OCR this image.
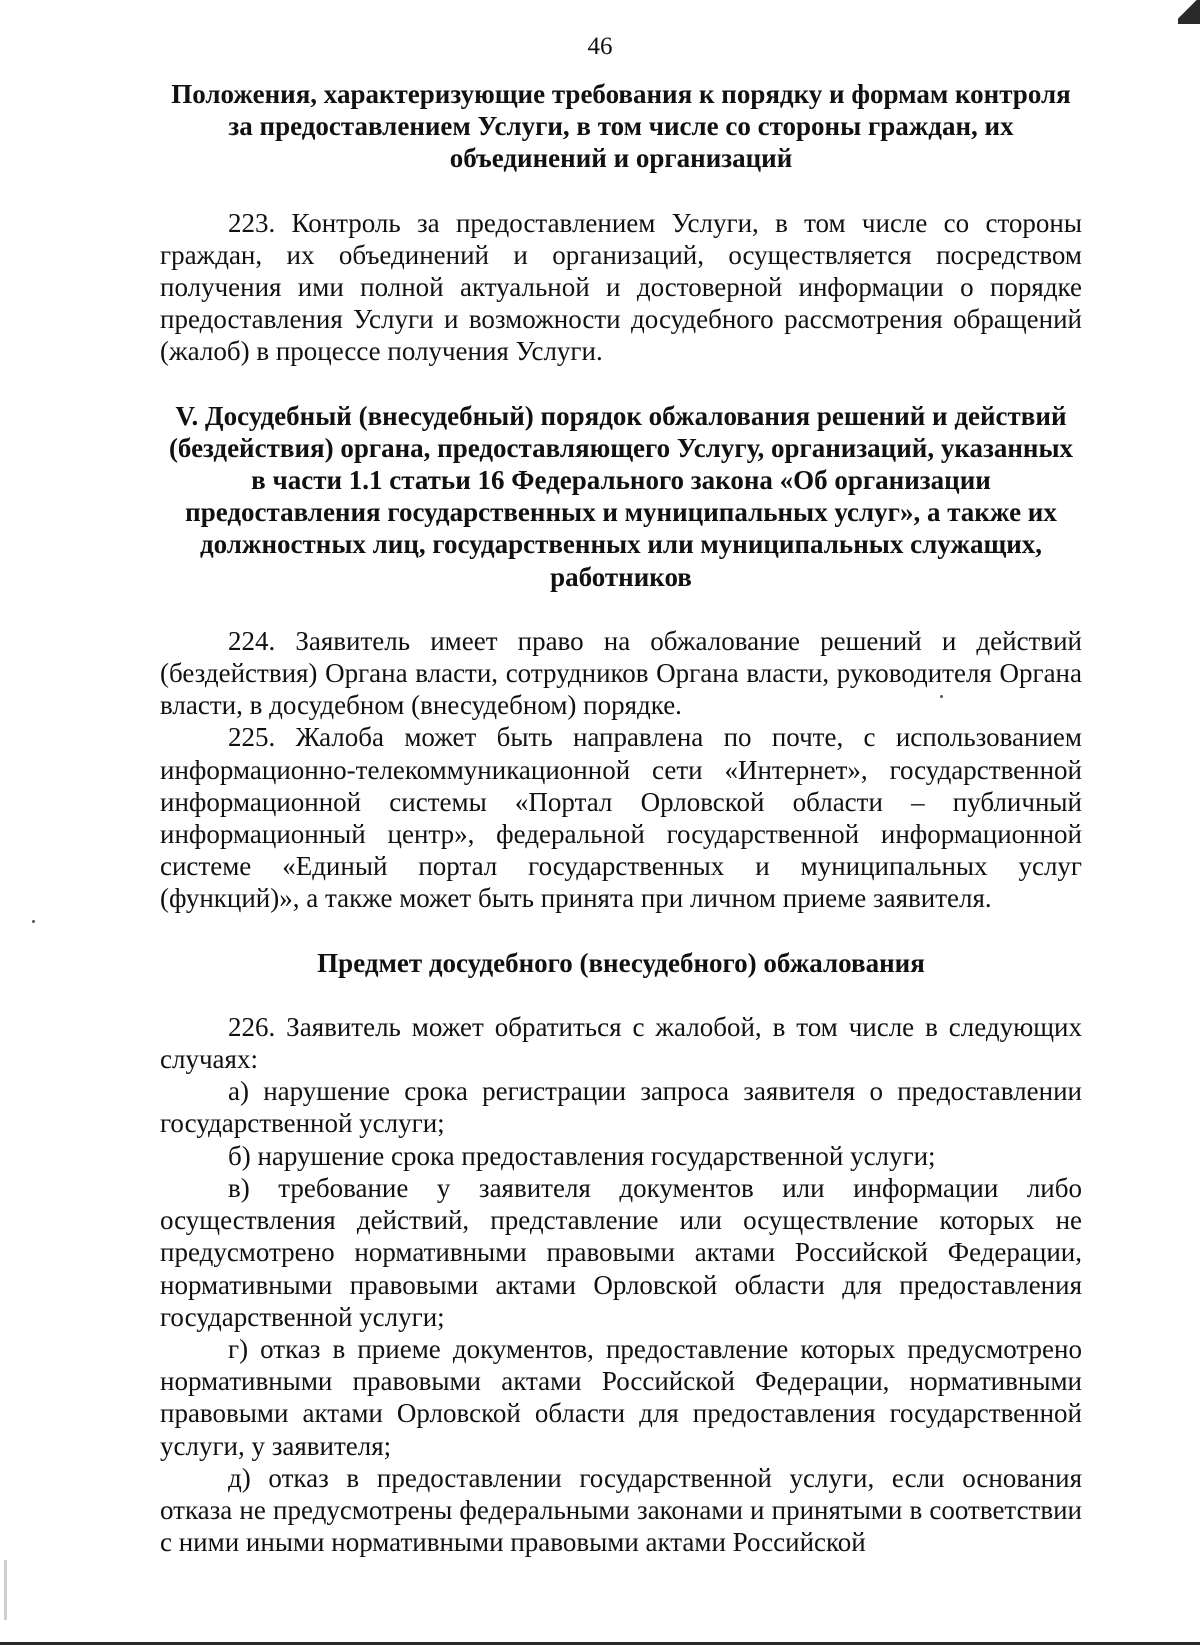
46

Положения, характеризующие требования к порядку и формам контроля за предоставлением Услуги, в том числе со стороны граждан, их объединений и организаций

223. Контроль за предоставлением Услуги, в том числе со стороны граждан, их объединений и организаций, осуществляется посредством получения ими полной актуальной и достоверной информации о порядке предоставления Услуги и возможности досудебного рассмотрения обращений (жалоб) в процессе получения Услуги.

V. Досудебный (внесудебный) порядок обжалования решений и действий (бездействия) органа, предоставляющего Услугу, организаций, указанных в части 1.1 статьи 16 Федерального закона «Об организации предоставления государственных и муниципальных услуг», а также их должностных лиц, государственных или муниципальных служащих, работников

224. Заявитель имеет право на обжалование решений и действий (бездействия) Органа власти, сотрудников Органа власти, руководителя Органа власти, в досудебном (внесудебном) порядке.

225. Жалоба может быть направлена по почте, с использованием информационно-телекоммуникационной сети «Интернет», государственной информационной системы «Портал Орловской области – публичный информационный центр», федеральной государственной информационной системе «Единый портал государственных и муниципальных услуг (функций)», а также может быть принята при личном приеме заявителя.

Предмет досудебного (внесудебного) обжалования

226. Заявитель может обратиться с жалобой, в том числе в следующих случаях:

а) нарушение срока регистрации запроса заявителя о предоставлении государственной услуги;

б) нарушение срока предоставления государственной услуги;

в) требование у заявителя документов или информации либо осуществления действий, представление или осуществление которых не предусмотрено нормативными правовыми актами Российской Федерации, нормативными правовыми актами Орловской области для предоставления государственной услуги;

г) отказ в приеме документов, предоставление которых предусмотрено нормативными правовыми актами Российской Федерации, нормативными правовыми актами Орловской области для предоставления государственной услуги, у заявителя;

д) отказ в предоставлении государственной услуги, если основания отказа не предусмотрены федеральными законами и принятыми в соответствии с ними иными нормативными правовыми актами Российской
